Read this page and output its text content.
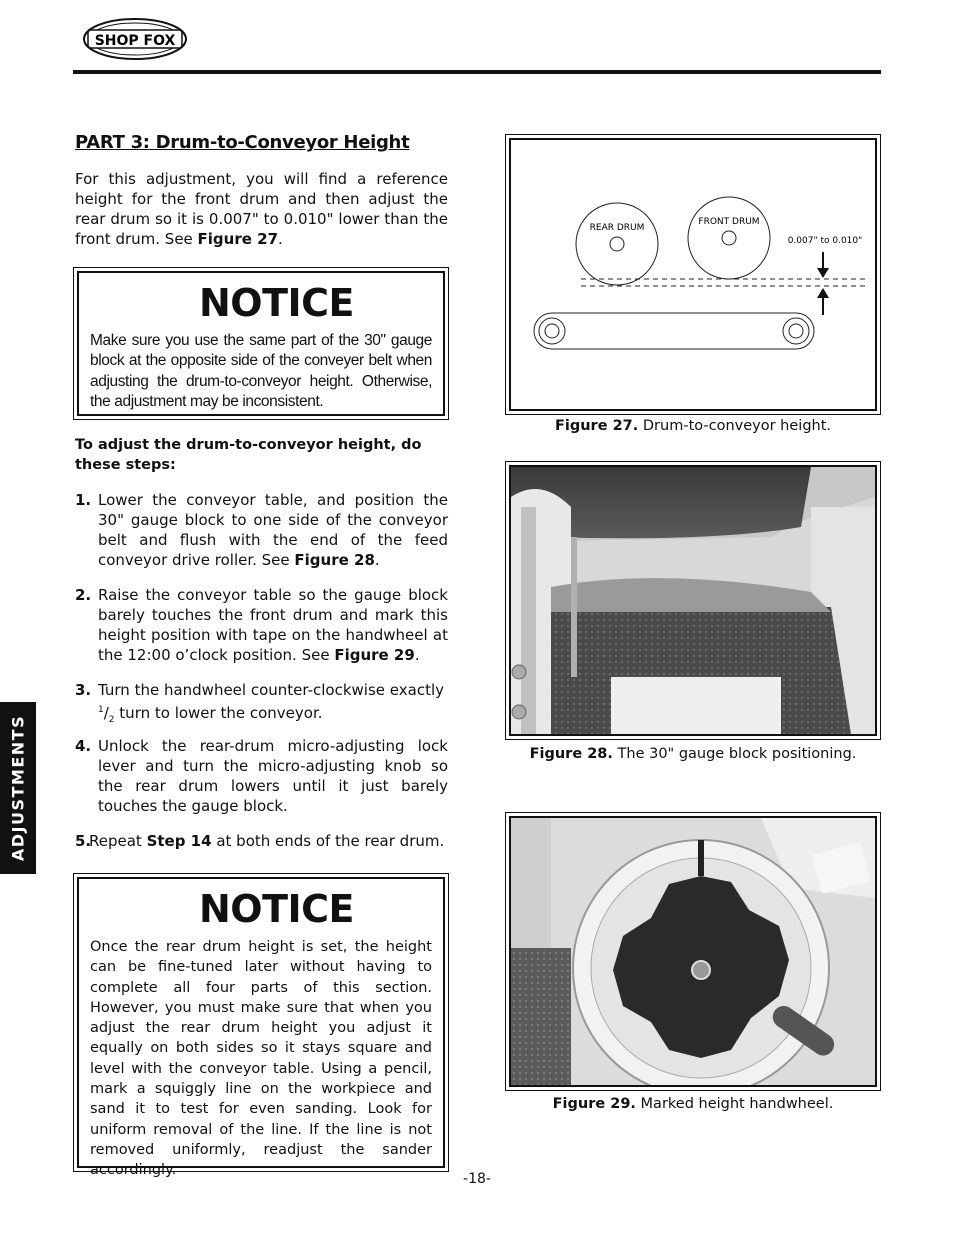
SHOP FOX
PART 3: Drum-to-Conveyor Height

For this adjustment, you will find a reference height for the front drum and then adjust the rear drum so it is 0.007" to 0.010" lower than the front drum. See Figure 27.

NOTICE

Make sure you use the same part of the 30" gauge block at the opposite side of the conveyer belt when adjusting the drum-to-conveyor height. Otherwise, the adjustment may be inconsistent.

To adjust the drum-to-conveyor height, do these steps:
1. Lower the conveyor table, and position the 30" gauge block to one side of the conveyor belt and flush with the end of the feed conveyor drive roller. See Figure 28.
2. Raise the conveyor table so the gauge block barely touches the front drum and mark this height position with tape on the handwheel at the 12:00 o’clock position. See Figure 29.
3. Turn the handwheel counter-clockwise exactly $^1/_2$ turn to lower the conveyor.
4. Unlock the rear-drum micro-adjusting lock lever and turn the micro-adjusting knob so the rear drum lowers until it just barely touches the gauge block.
5.
Repeat Step 14 at both ends of the rear drum.
NOTICE

Once the rear drum height is set, the height can be fine-tuned later without having to complete all four parts of this section. However, you must make sure that when you adjust the rear drum height you adjust it equally on both sides so it stays square and level with the conveyor table. Using a pencil, mark a squiggly line on the workpiece and sand it to test for even sanding. Look for uniform removal of the line. If the line is not removed uniformly, readjust the sander accordingly.

REAR DRUM
FRONT DRUM
0.007" to 0.010"
Figure 27. Drum-to-conveyor height.
Figure 28. The 30" gauge block positioning.
Figure 29. Marked height handwheel.
ADJUSTMENTS
-18-
